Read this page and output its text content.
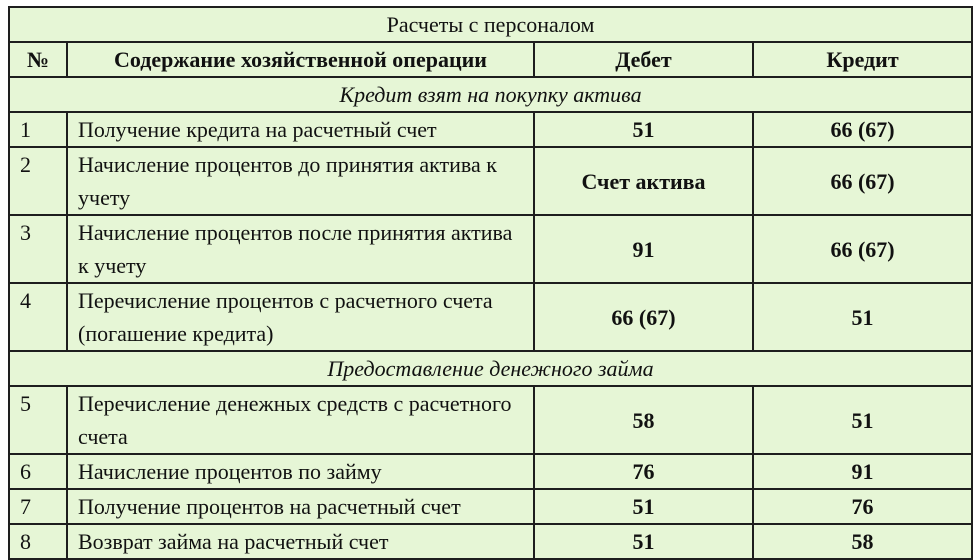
Расчеты с персоналом			
№	Содержание хозяйственной операции	Дебет	Кредит
Кредит взят на покупку актива			
1	Получение кредита на расчетный счет	51	66 (67)
2	Начисление процентов до принятия актива к учету	Счет актива	66 (67)
3	Начисление процентов после принятия актива к учету	91	66 (67)
4	Перечисление процентов с расчетного счета (погашение кредита)	66 (67)	51
Предоставление денежного займа			
5	Перечисление денежных средств с расчетного счета	58	51
6	Начисление процентов по займу	76	91
7	Получение процентов на расчетный счет	51	76
8	Возврат займа на расчетный счет	51	58
